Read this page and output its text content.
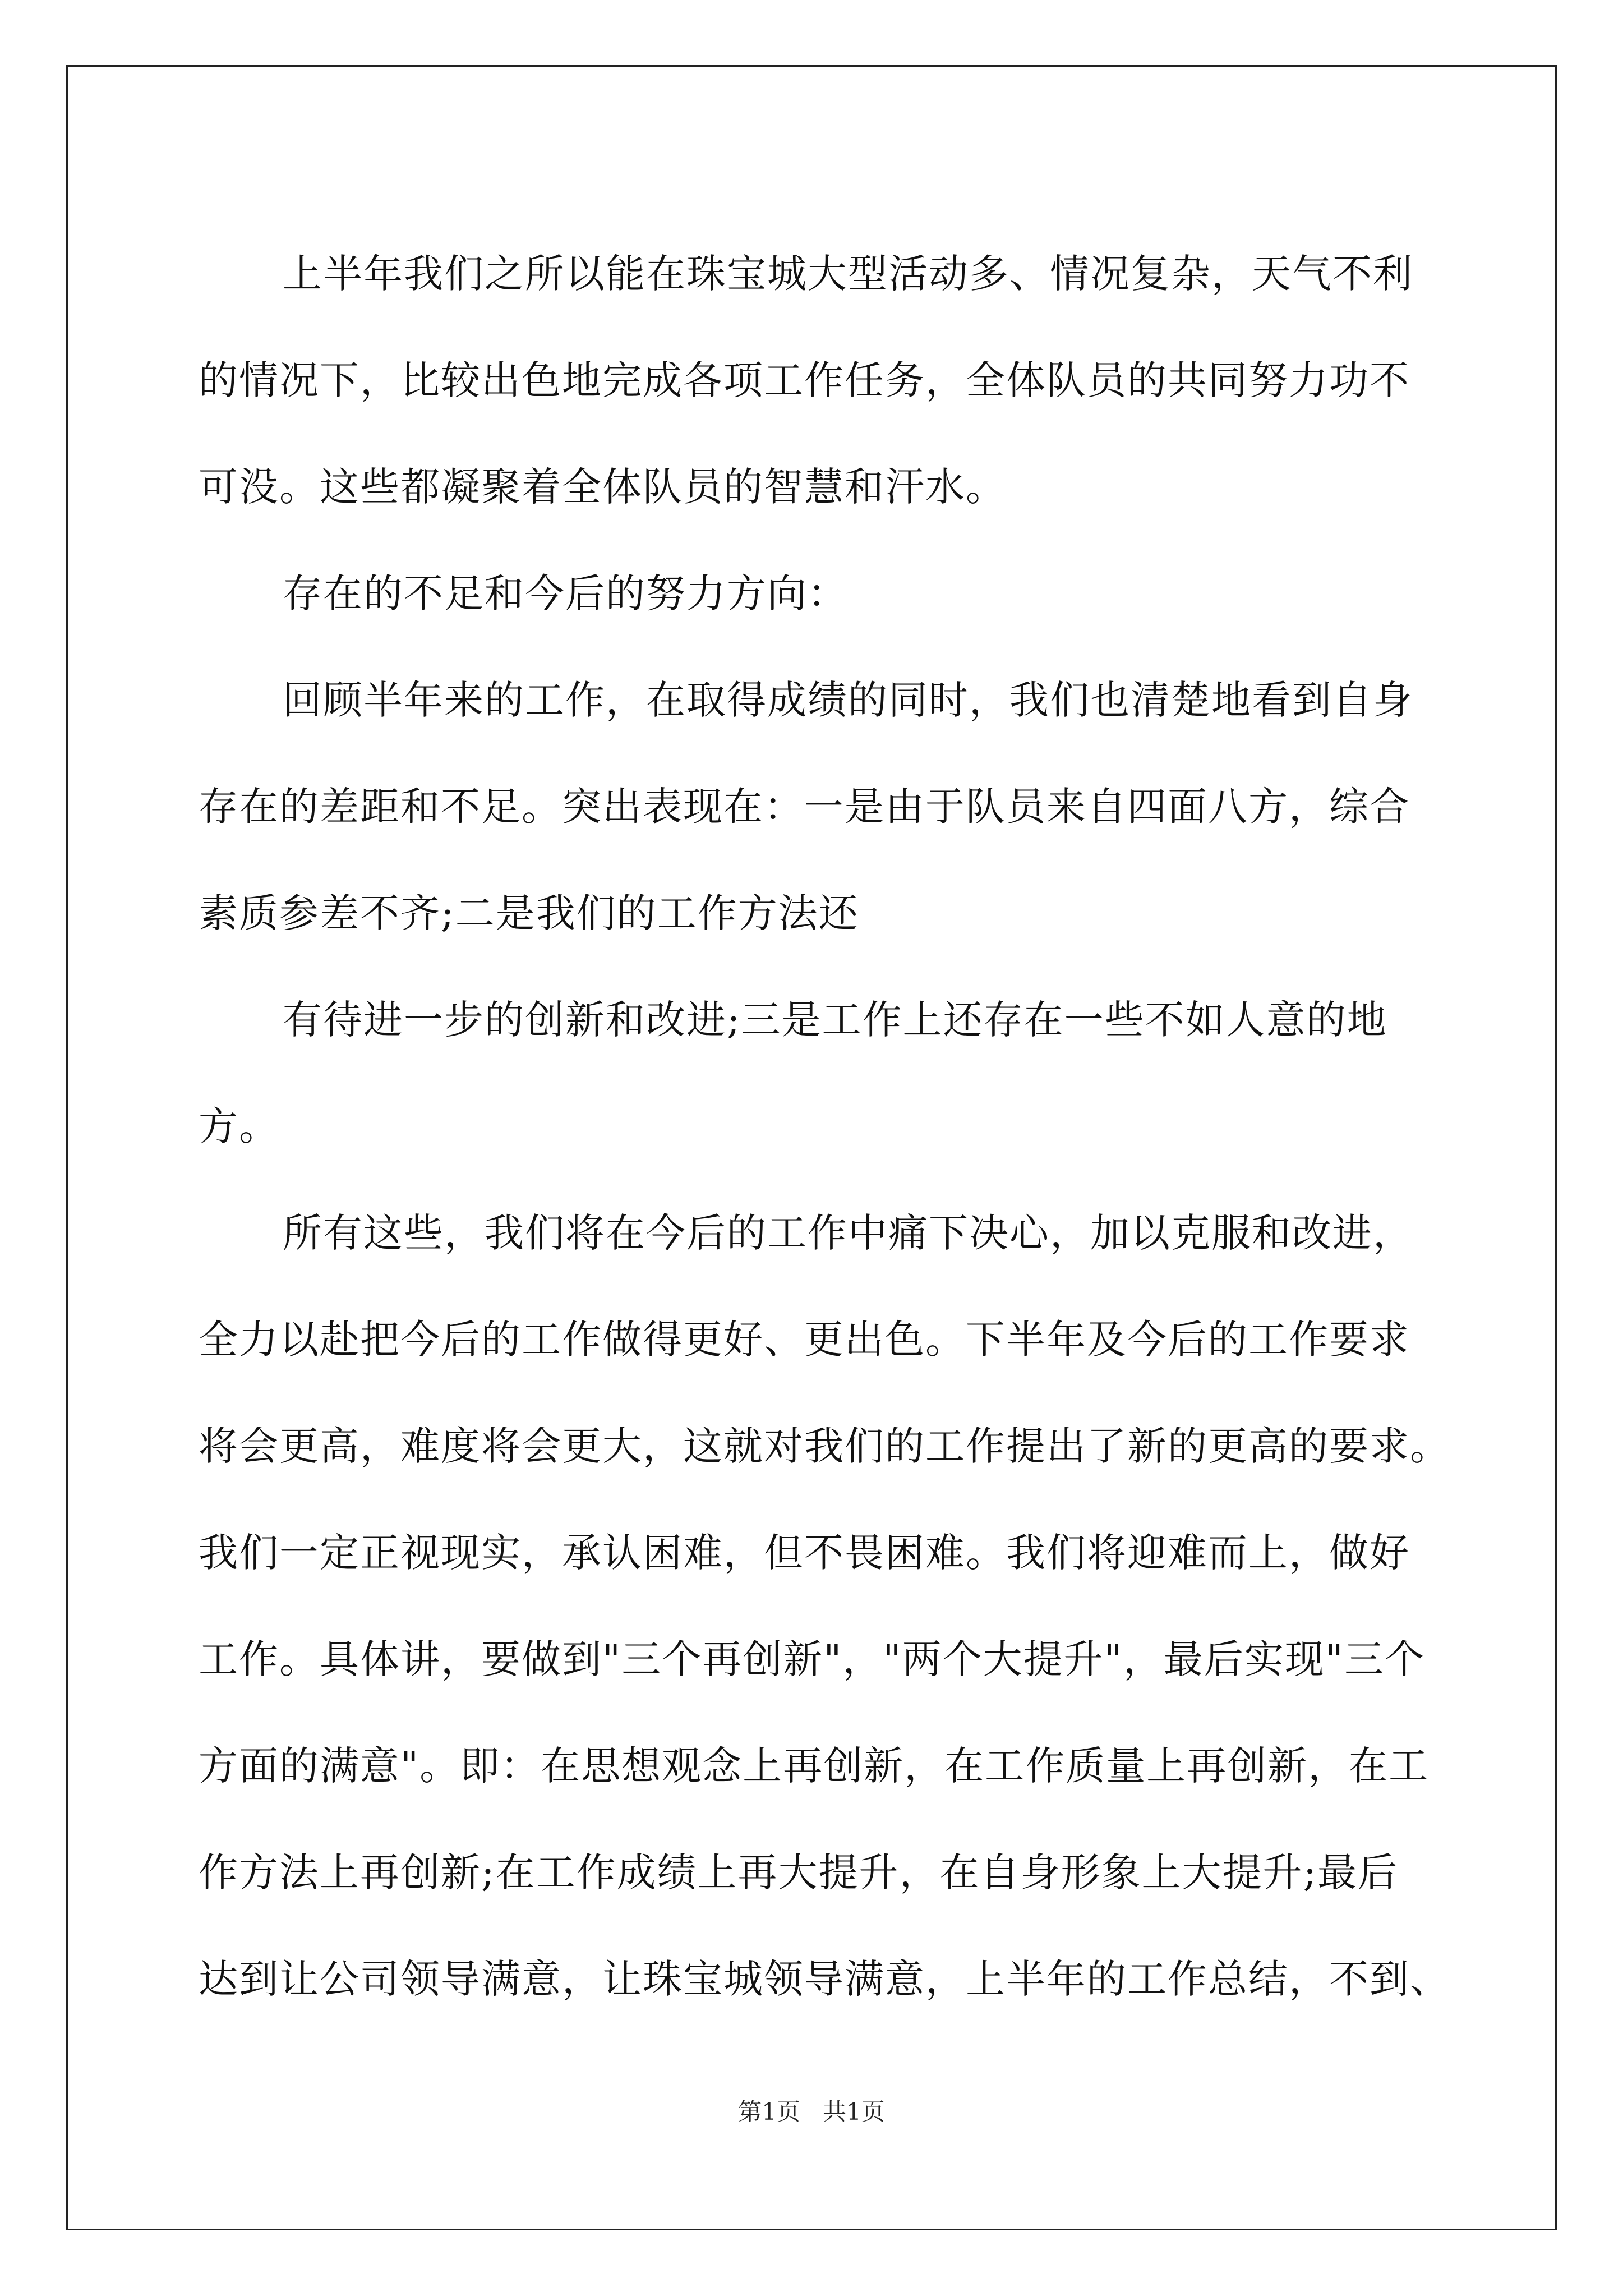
上半年我们之所以能在珠宝城大型活动多、情况复杂，天气不利
的情况下，比较出色地完成各项工作任务，全体队员的共同努力功不
可没。这些都凝聚着全体队员的智慧和汗水。
存在的不足和今后的努力方向：
回顾半年来的工作，在取得成绩的同时，我们也清楚地看到自身
存在的差距和不足。突出表现在：一是由于队员来自四面八方，综合
素质参差不齐;二是我们的工作方法还
有待进一步的创新和改进;三是工作上还存在一些不如人意的地
方。
所有这些，我们将在今后的工作中痛下决心，加以克服和改进，
全力以赴把今后的工作做得更好、更出色。下半年及今后的工作要求
将会更高，难度将会更大，这就对我们的工作提出了新的更高的要求。
我们一定正视现实，承认困难，但不畏困难。我们将迎难而上，做好
工作。具体讲，要做到"三个再创新"，"两个大提升"，最后实现"三个
方面的满意"。即：在思想观念上再创新，在工作质量上再创新，在工
作方法上再创新;在工作成绩上再大提升，在自身形象上大提升;最后
达到让公司领导满意，让珠宝城领导满意，上半年的工作总结，不到、
第1页   共1页
